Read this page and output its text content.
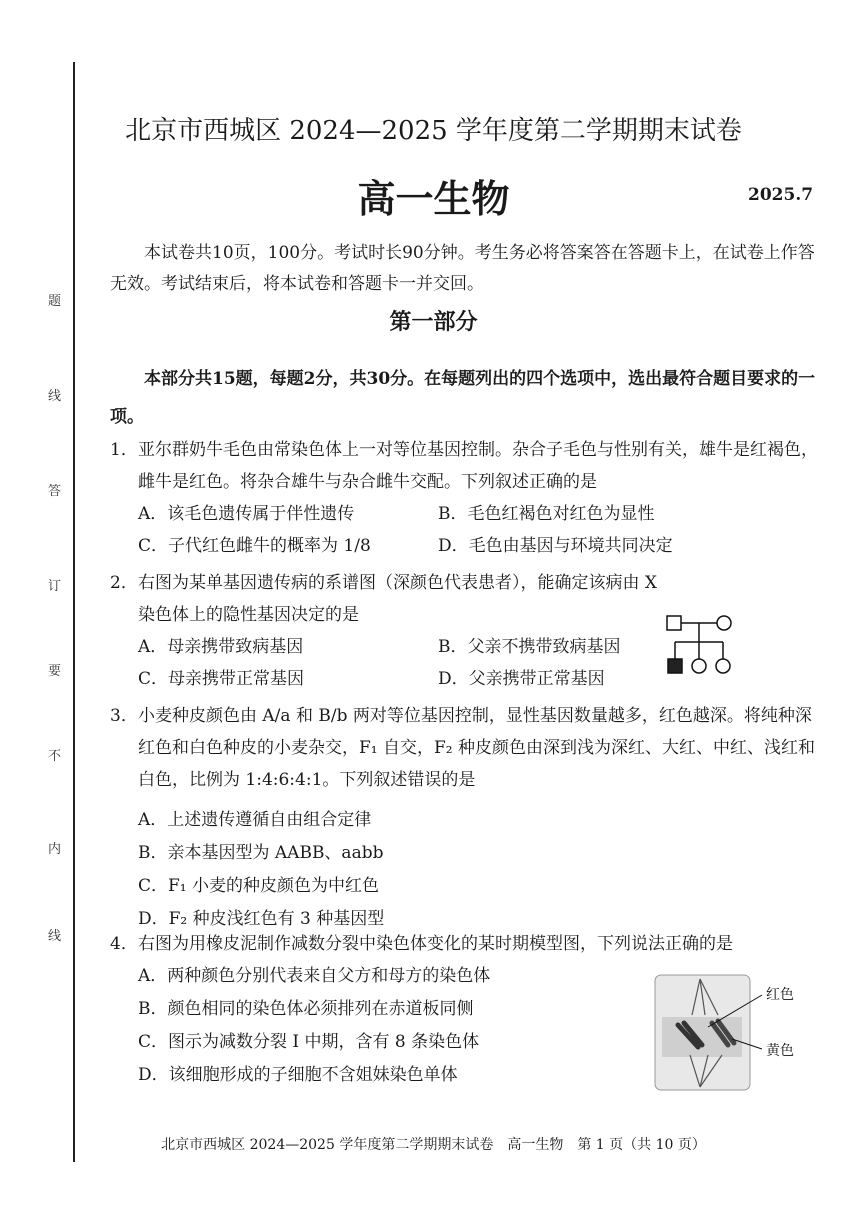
题
线
答
订
要
不
内
线
北京市西城区 2024—2025 学年度第二学期期末试卷
高一生物	2025.7
本试卷共10页，100分。考试时长90分钟。考生务必将答案答在答题卡上，在试卷上作答无效。考试结束后，将本试卷和答题卡一并交回。
第一部分
本部分共15题，每题2分，共30分。在每题列出的四个选项中，选出最符合题目要求的一项。
1．亚尔群奶牛毛色由常染色体上一对等位基因控制。杂合子毛色与性别有关，雄牛是红褐色，雌牛是红色。将杂合雄牛与杂合雌牛交配。下列叙述正确的是
A．该毛色遗传属于伴性遗传	B．毛色红褐色对红色为显性
C．子代红色雌牛的概率为 1/8	D．毛色由基因与环境共同决定
2．右图为某单基因遗传病的系谱图（深颜色代表患者），能确定该病由 X 染色体上的隐性基因决定的是
A．母亲携带致病基因	B．父亲不携带致病基因
C．母亲携带正常基因	D．父亲携带正常基因
3．小麦种皮颜色由 A/a 和 B/b 两对等位基因控制，显性基因数量越多，红色越深。将纯种深红色和白色种皮的小麦杂交，F₁ 自交，F₂ 种皮颜色由深到浅为深红、大红、中红、浅红和白色，比例为 1:4:6:4:1。下列叙述错误的是
A．上述遗传遵循自由组合定律
B．亲本基因型为 AABB、aabb
C．F₁ 小麦的种皮颜色为中红色
D．F₂ 种皮浅红色有 3 种基因型
4．右图为用橡皮泥制作减数分裂中染色体变化的某时期模型图，下列说法正确的是
A．两种颜色分别代表来自父方和母方的染色体
B．颜色相同的染色体必须排列在赤道板同侧
C．图示为减数分裂 Ⅰ 中期，含有 8 条染色体
D．该细胞形成的子细胞不含姐妹染色单体
红色
黄色
北京市西城区 2024—2025 学年度第二学期期末试卷　高一生物　第 1 页（共 10 页）
